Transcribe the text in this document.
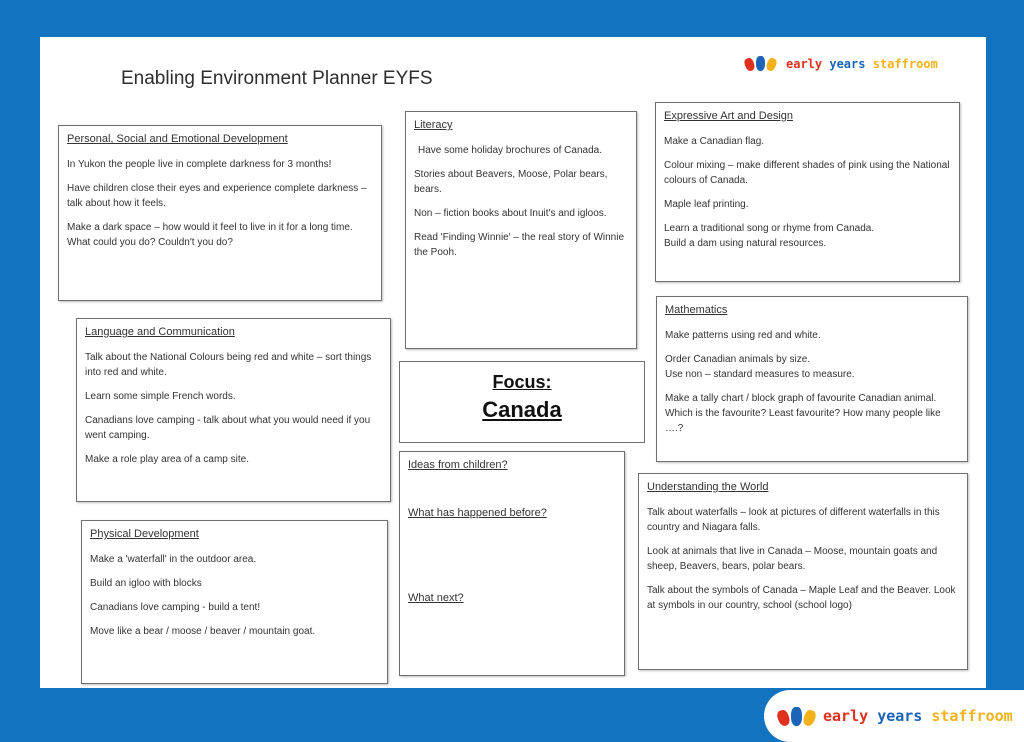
Enabling Environment Planner EYFS
early years staffroom
Personal, Social and Emotional Development

In Yukon the people live in complete darkness for 3 months!

Have children close their eyes and experience complete darkness – talk about how it feels.

Make a dark space – how would it feel to live in it for a long time. What could you do? Couldn't you do?

Language and Communication

Talk about the National Colours being red and white – sort things into red and white.

Learn some simple French words.

Canadians love camping - talk about what you would need if you went camping.

Make a role play area of a camp site.

Physical Development

Make a 'waterfall' in the outdoor area.

Build an igloo with blocks

Canadians love camping - build a tent!

Move like a bear / moose / beaver / mountain goat.

Literacy

Have some holiday brochures of Canada.

Stories about Beavers, Moose, Polar bears, bears.

Non – fiction books about Inuit's and igloos.

Read 'Finding Winnie' – the real story of Winnie the Pooh.

Focus:
Canada
Ideas from children?
What has happened before?
What next?
Expressive Art and Design

Make a Canadian flag.

Colour mixing – make different shades of pink using the National colours of Canada.

Maple leaf printing.

Learn a traditional song or rhyme from Canada.

Build a dam using natural resources.

Mathematics

Make patterns using red and white.

Order Canadian animals by size.

Use non – standard measures to measure.

Make a tally chart / block graph of favourite Canadian animal. Which is the favourite? Least favourite? How many people like ….?

Understanding the World

Talk about waterfalls – look at pictures of different waterfalls in this country and Niagara falls.

Look at animals that live in Canada – Moose, mountain goats and sheep, Beavers, bears, polar bears.

Talk about the symbols of Canada – Maple Leaf and the Beaver. Look at symbols in our country, school (school logo)

early years staffroom
